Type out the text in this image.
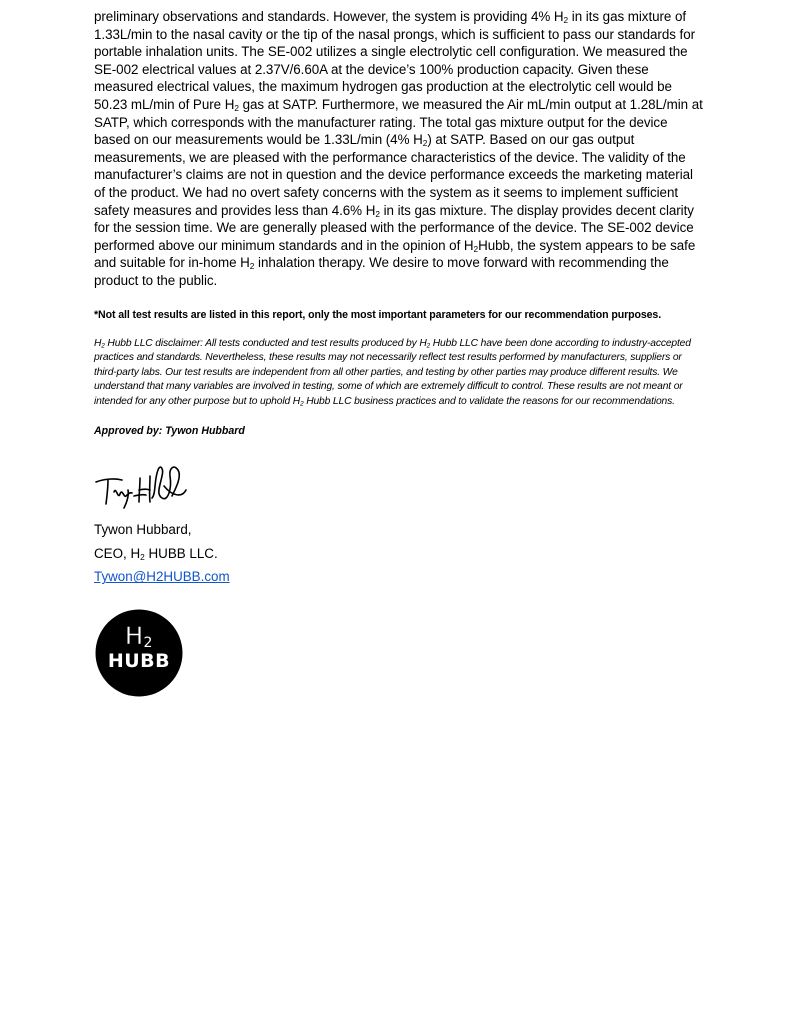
preliminary observations and standards. However, the system is providing 4% $H_2$ in its gas mixture of 1.33L/min to the nasal cavity or the tip of the nasal prongs, which is sufficient to pass our standards for portable inhalation units. The SE-002 utilizes a single electrolytic cell configuration. We measured the SE-002 electrical values at 2.37V/6.60A at the device’s 100% production capacity. Given these measured electrical values, the maximum hydrogen gas production at the electrolytic cell would be 50.23 mL/min of Pure $H_2$ gas at SATP. Furthermore, we measured the Air mL/min output at 1.28L/min at SATP, which corresponds with the manufacturer rating. The total gas mixture output for the device based on our measurements would be 1.33L/min (4% $H_2$) at SATP. Based on our gas output measurements, we are pleased with the performance characteristics of the device. The validity of the manufacturer’s claims are not in question and the device performance exceeds the marketing material of the product. We had no overt safety concerns with the system as it seems to implement sufficient safety measures and provides less than 4.6% $H_2$ in its gas mixture. The display provides decent clarity for the session time. We are generally pleased with the performance of the device. The SE-002 device performed above our minimum standards and in the opinion of $H_2Hubb$, the system appears to be safe and suitable for in-home $H_2$ inhalation therapy. We desire to move forward with recommending the product to the public.

*Not all test results are listed in this report, only the most important parameters for our recommendation purposes.

$H_2$ Hubb LLC disclaimer: All tests conducted and test results produced by $H_2$ Hubb LLC have been done according to industry-accepted practices and standards. Nevertheless, these results may not necessarily reflect test results performed by manufacturers, suppliers or third-party labs. Our test results are independent from all other parties, and testing by other parties may produce different results. We understand that many variables are involved in testing, some of which are extremely difficult to control. These results are not meant or intended for any other purpose but to uphold $H_2$ Hubb LLC business practices and to validate the reasons for our recommendations.

Approved by: Tywon Hubbard

Tywon Hubbard,

CEO, $H_2$ HUBB LLC.

Tywon@H2HUBB.com

H 2
HUBB
